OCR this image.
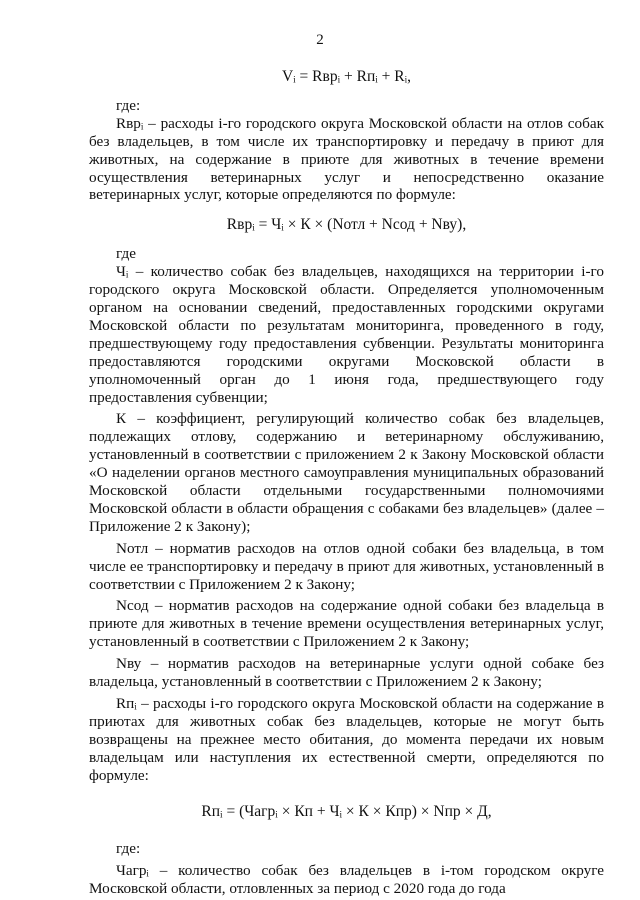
2

Vᵢ = Rврᵢ + Rпᵢ + Rᵢ,

где:

Rврᵢ – расходы i-го городского округа Московской области на отлов собак без владельцев, в том числе их транспортировку и передачу в приют для животных, на содержание в приюте для животных в течение времени осуществления ветеринарных услуг и непосредственно оказание ветеринарных услуг, которые определяются по формуле:

Rврᵢ = Чᵢ × К × (Nотл + Nсод + Nву),

где

Чᵢ – количество собак без владельцев, находящихся на территории i-го городского округа Московской области. Определяется уполномоченным органом на основании сведений, предоставленных городскими округами Московской области по результатам мониторинга, проведенного в году, предшествующему году предоставления субвенции. Результаты мониторинга предоставляются городскими округами Московской области в уполномоченный орган до 1 июня года, предшествующего году предоставления субвенции;

К – коэффициент, регулирующий количество собак без владельцев, подлежащих отлову, содержанию и ветеринарному обслуживанию, установленный в соответствии с приложением 2 к Закону Московской области «О наделении органов местного самоуправления муниципальных образований Московской области отдельными государственными полномочиями Московской области в области обращения с собаками без владельцев» (далее – Приложение 2 к Закону);

Nотл – норматив расходов на отлов одной собаки без владельца, в том числе ее транспортировку и передачу в приют для животных, установленный в соответствии с Приложением 2 к Закону;

Nсод – норматив расходов на содержание одной собаки без владельца в приюте для животных в течение времени осуществления ветеринарных услуг, установленный в соответствии с Приложением 2 к Закону;

Nву – норматив расходов на ветеринарные услуги одной собаке без владельца, установленный в соответствии с Приложением 2 к Закону;

Rпᵢ – расходы i-го городского округа Московской области на содержание в приютах для животных собак без владельцев, которые не могут быть возвращены на прежнее место обитания, до момента передачи их новым владельцам или наступления их естественной смерти, определяются по формуле:

Rпᵢ = (Чагрᵢ × Кп + Чᵢ × К × Кпр) × Nпр × Д,

где:

Чагрᵢ – количество собак без владельцев в i-том городском округе Московской области, отловленных за период с 2020 года до года
